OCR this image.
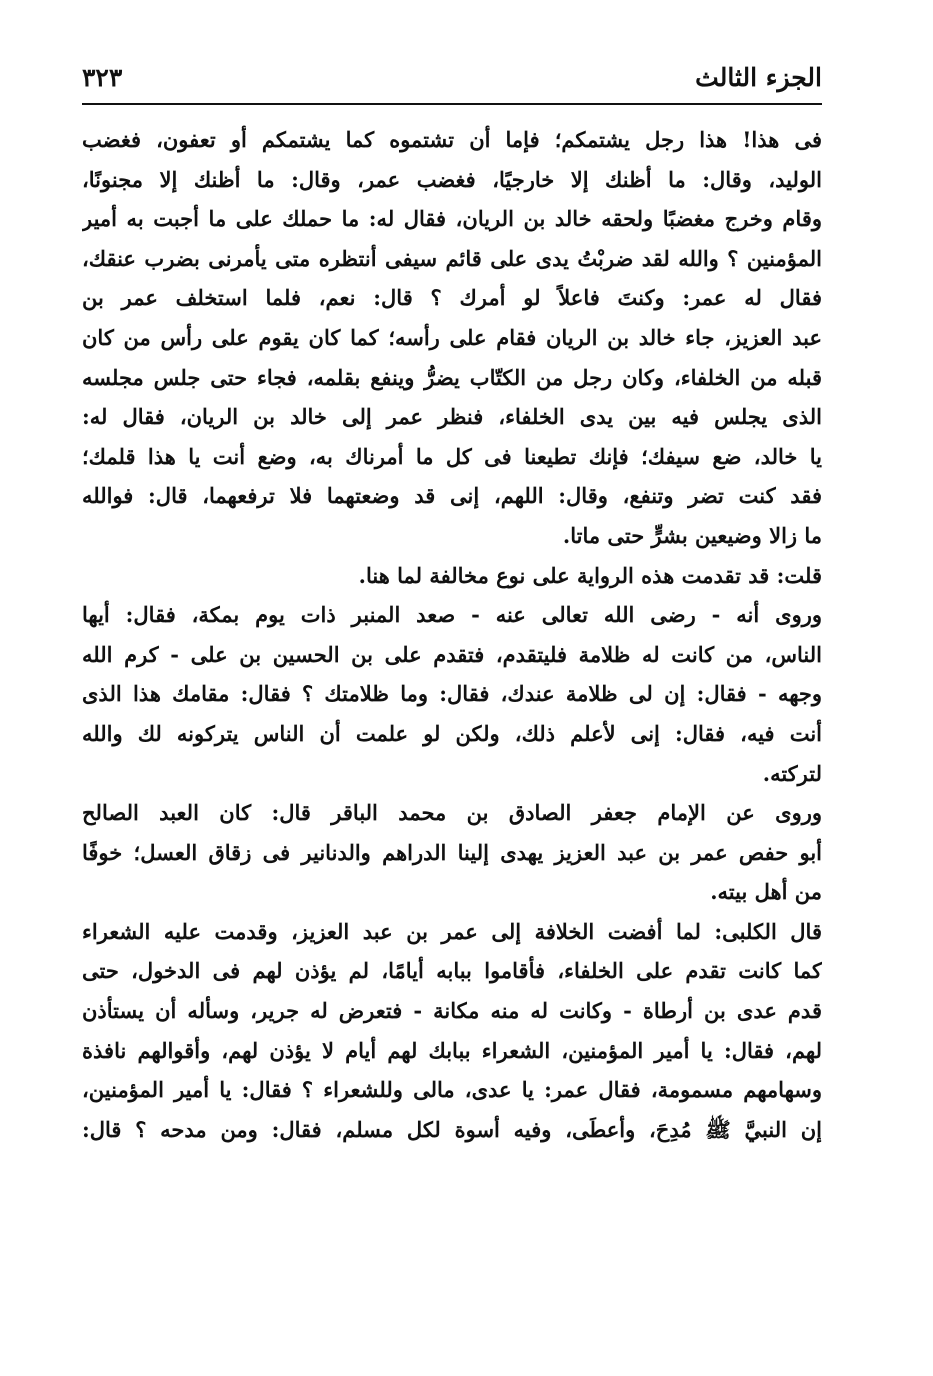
الجزء الثالث
٣٢٣
فى هذا! هذا رجل يشتمكم؛ فإما أن تشتموه كما يشتمكم أو تعفون، فغضب
الوليد، وقال: ما أظنك إلا خارجيًا، فغضب عمر، وقال: ما أظنك إلا مجنونًا،
وقام وخرج مغضبًا ولحقه خالد بن الريان، فقال له: ما حملك على ما أجبت به أمير
المؤمنين ؟ والله لقد ضربْتُ يدى على قائم سيفى أنتظره متى يأمرنى بضرب عنقك،
فقال له عمر: وكنتَ فاعلاً لو أمرك ؟ قال: نعم، فلما استخلف عمر بن
عبد العزيز، جاء خالد بن الريان فقام على رأسه؛ كما كان يقوم على رأس من كان
قبله من الخلفاء، وكان رجل من الكتّاب يضرُّ وينفع بقلمه، فجاء حتى جلس مجلسه
الذى يجلس فيه بين يدى الخلفاء، فنظر عمر إلى خالد بن الريان، فقال له:
يا خالد، ضع سيفك؛ فإنك تطيعنا فى كل ما أمرناك به، وضع أنت يا هذا قلمك؛
فقد كنت تضر وتنفع، وقال: اللهم، إنى قد وضعتهما فلا ترفعهما، قال: فوالله
ما زالا وضيعين بشرٍّ حتى ماتا.
قلت: قد تقدمت هذه الرواية على نوع مخالفة لما هنا.
وروى أنه - رضى الله تعالى عنه - صعد المنبر ذات يوم بمكة، فقال: أيها
الناس، من كانت له ظلامة فليتقدم، فتقدم على بن الحسين بن على - كرم الله
وجهه - فقال: إن لى ظلامة عندك، فقال: وما ظلامتك ؟ فقال: مقامك هذا الذى
أنت فيه، فقال: إنى لأعلم ذلك، ولكن لو علمت أن الناس يتركونه لك والله
لتركته.
وروى عن الإمام جعفر الصادق بن محمد الباقر قال: كان العبد الصالح
أبو حفص عمر بن عبد العزيز يهدى إلينا الدراهم والدنانير فى زقاق العسل؛ خوفًا
من أهل بيته.
قال الكلبى: لما أفضت الخلافة إلى عمر بن عبد العزيز، وقدمت عليه الشعراء
كما كانت تقدم على الخلفاء، فأقاموا ببابه أيامًا، لم يؤذن لهم فى الدخول، حتى
قدم عدى بن أرطاة - وكانت له منه مكانة - فتعرض له جرير، وسأله أن يستأذن
لهم، فقال: يا أمير المؤمنين، الشعراء ببابك لهم أيام لا يؤذن لهم، وأقوالهم نافذة
وسهامهم مسمومة، فقال عمر: يا عدى، مالى وللشعراء ؟ فقال: يا أمير المؤمنين،
إن النبيَّ ﷺ مُدِحَ، وأعطَى، وفيه أسوة لكل مسلم، فقال: ومن مدحه ؟ قال:
